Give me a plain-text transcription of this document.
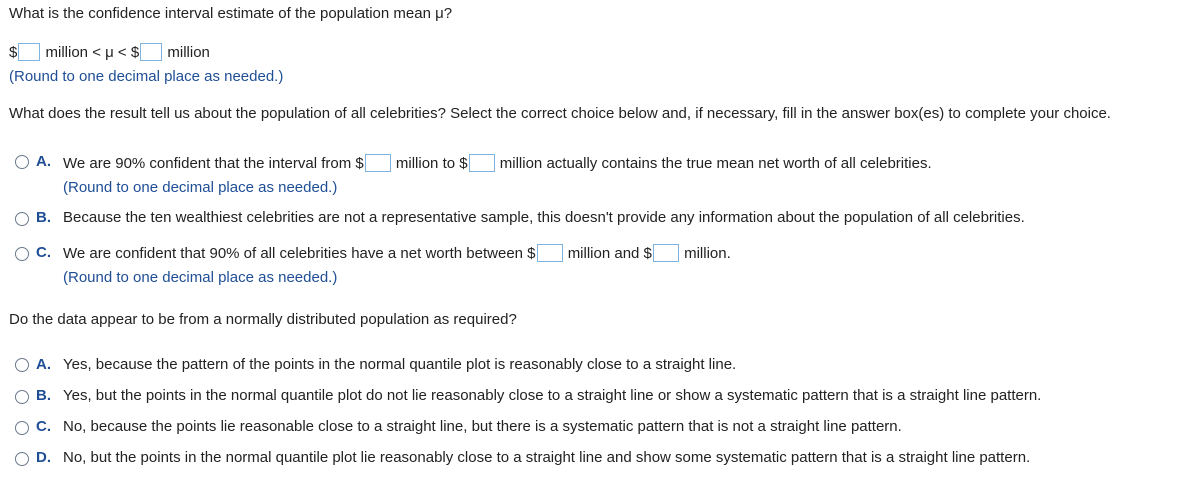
What is the confidence interval estimate of the population mean μ?
$ million < μ < $ million
(Round to one decimal place as needed.)
What does the result tell us about the population of all celebrities? Select the correct choice below and, if necessary, fill in the answer box(es) to complete your choice.
A. We are 90% confident that the interval from $ million to $ million actually contains the true mean net worth of all celebrities.
(Round to one decimal place as needed.)
B. Because the ten wealthiest celebrities are not a representative sample, this doesn't provide any information about the population of all celebrities.
C. We are confident that 90% of all celebrities have a net worth between $ million and $ million.
(Round to one decimal place as needed.)
Do the data appear to be from a normally distributed population as required?
A. Yes, because the pattern of the points in the normal quantile plot is reasonably close to a straight line.
B. Yes, but the points in the normal quantile plot do not lie reasonably close to a straight line or show a systematic pattern that is a straight line pattern.
C. No, because the points lie reasonable close to a straight line, but there is a systematic pattern that is not a straight line pattern.
D. No, but the points in the normal quantile plot lie reasonably close to a straight line and show some systematic pattern that is a straight line pattern.
